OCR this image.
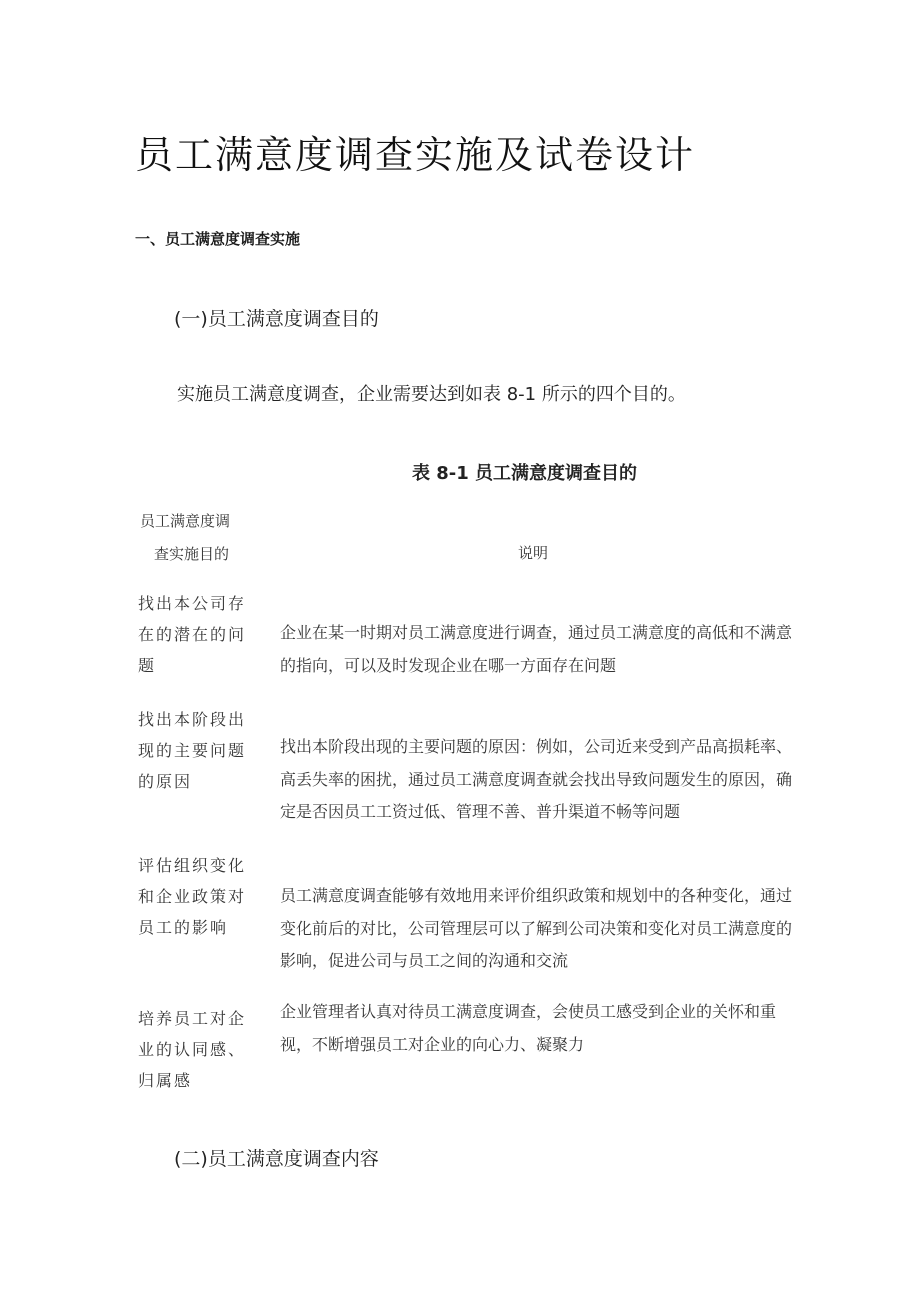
员工满意度调查实施及试卷设计
一、员工满意度调查实施
(一)员工满意度调查目的
实施员工满意度调查，企业需要达到如表 8-1 所示的四个目的。
表 8-1 员工满意度调查目的
员工满意度调
查实施目的	说明
找出本公司存
在的潜在的问
题
企业在某一时期对员工满意度进行调查，通过员工满意度的高低和不满意的指向，可以及时发现企业在哪一方面存在问题
找出本阶段出
现的主要问题
的原因
找出本阶段出现的主要问题的原因：例如，公司近来受到产品高损耗率、高丢失率的困扰，通过员工满意度调查就会找出导致问题发生的原因，确定是否因员工工资过低、管理不善、普升渠道不畅等问题
评估组织变化
和企业政策对
员工的影响
员工满意度调查能够有效地用来评价组织政策和规划中的各种变化，通过变化前后的对比，公司管理层可以了解到公司决策和变化对员工满意度的影响，促进公司与员工之间的沟通和交流
培养员工对企
业的认同感、
归属感
企业管理者认真对待员工满意度调查，会使员工感受到企业的关怀和重视，不断增强员工对企业的向心力、凝聚力
(二)员工满意度调查内容
